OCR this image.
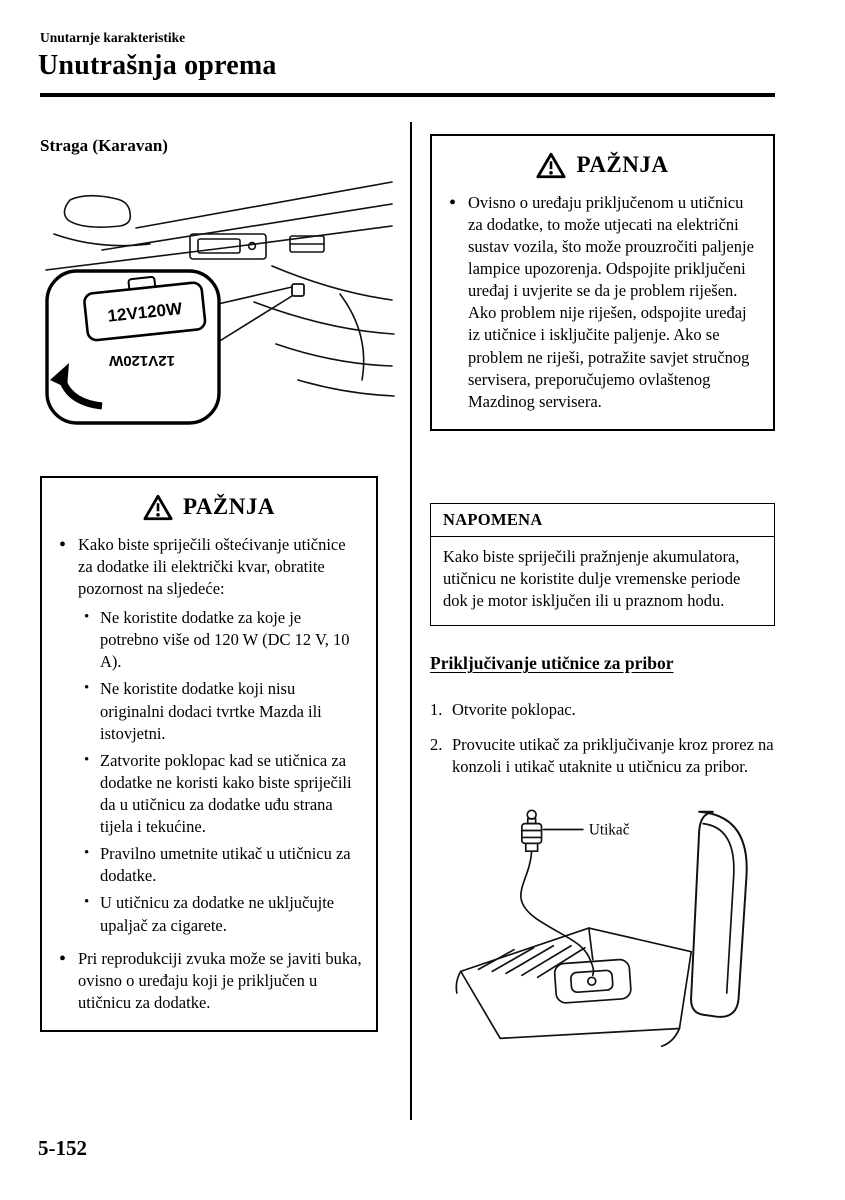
Unutarnje karakteristike
Unutrašnja oprema
Straga (Karavan)
12V120W
12V120W
PAŽNJA
• Kako biste spriječili oštećivanje utičnice za dodatke ili električki kvar, obratite pozornost na sljedeće:
• Ne koristite dodatke za koje je potrebno više od 120 W (DC 12 V, 10 A).
• Ne koristite dodatke koji nisu originalni dodaci tvrtke Mazda ili istovjetni.
• Zatvorite poklopac kad se utičnica za dodatke ne koristi kako biste spriječili da u utičnicu za dodatke uđu strana tijela i tekućine.
• Pravilno umetnite utikač u utičnicu za dodatke.
• U utičnicu za dodatke ne uključujte upaljač za cigarete.
• Pri reprodukciji zvuka može se javiti buka, ovisno o uređaju koji je priključen u utičnicu za dodatke.
PAŽNJA
• Ovisno o uređaju priključenom u utičnicu za dodatke, to može utjecati na električni sustav vozila, što može prouzročiti paljenje lampice upozorenja. Odspojite priključeni uređaj i uvjerite se da je problem riješen. Ako problem nije riješen, odspojite uređaj iz utičnice i isključite paljenje. Ako se problem ne riješi, potražite savjet stručnog servisera, preporučujemo ovlaštenog Mazdinog servisera.
NAPOMENA
Kako biste spriječili pražnjenje akumulatora, utičnicu ne koristite dulje vremenske periode dok je motor isključen ili u praznom hodu.
Priključivanje utičnice za pribor
1. Otvorite poklopac.
2. Provucite utikač za priključivanje kroz prorez na konzoli i utikač utaknite u utičnicu za pribor.
Utikač
5-152
